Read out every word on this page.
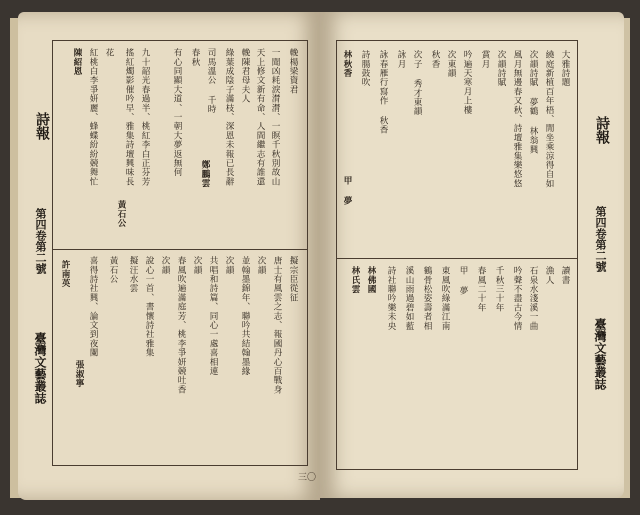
詩報
第四卷第二號
臺灣文藝叢誌
輓楊梁資君
一聞凶耗淚潸潸、一瞑千秋別故山
天上修文新有命、人間繼志有誰還
輓陳君母夫人
綠葉成陰子滿枝、深恩未報已長辭
司馬溫公 千時
春秋
有心同顯大道、一朝大夢返無何
九十韶光春過半、桃紅李白正芬芳
搖紅燭影催吟早、雅集詩壇興味長
花
紅桃白李爭妍麗、蜂蝶紛紛競舞忙
陳紹恩
許南英	擬宗臣從征
唐士有風雲之志、報國丹心百戰身
次韻
並翰墨錦年、聯吟共結翰墨緣
次韻
共唱和詩篇、同心一處喜相連
次韻
春風吹遍滿庭芳、桃李爭妍競吐香
次韻
說心一首、書懷詩社雅集
擬汪水雲
黃石公
喜得詩社興、論文到夜闌
鄭鵬雲
黃石公
張淑寧
三〇
詩報
第四卷第二號
臺灣文藝叢誌
大雅詩題
繞庭新植百年梧、閒坐乘涼得自如
次韻詩賦 夢鶴 林翁興
風月無邊春又秋、詩壇雅集樂悠悠
次韻詩賦
賞月
吟遍天寒月上樓
次東韻
秋香
次子 秀才東韻
詠月
詠春雁行寫作 秋香
詩腸鼓吹
讀書
漁人
石泉水淺溪一曲
吟聲不盡古今情
千秋三十年
春風二十年
甲 夢
東風吹綠滿江南
鶴骨松姿壽者相
溪山雨過碧如藍
詩社聯吟樂未央
林佛國
林氏雲
林秋香
甲 夢
